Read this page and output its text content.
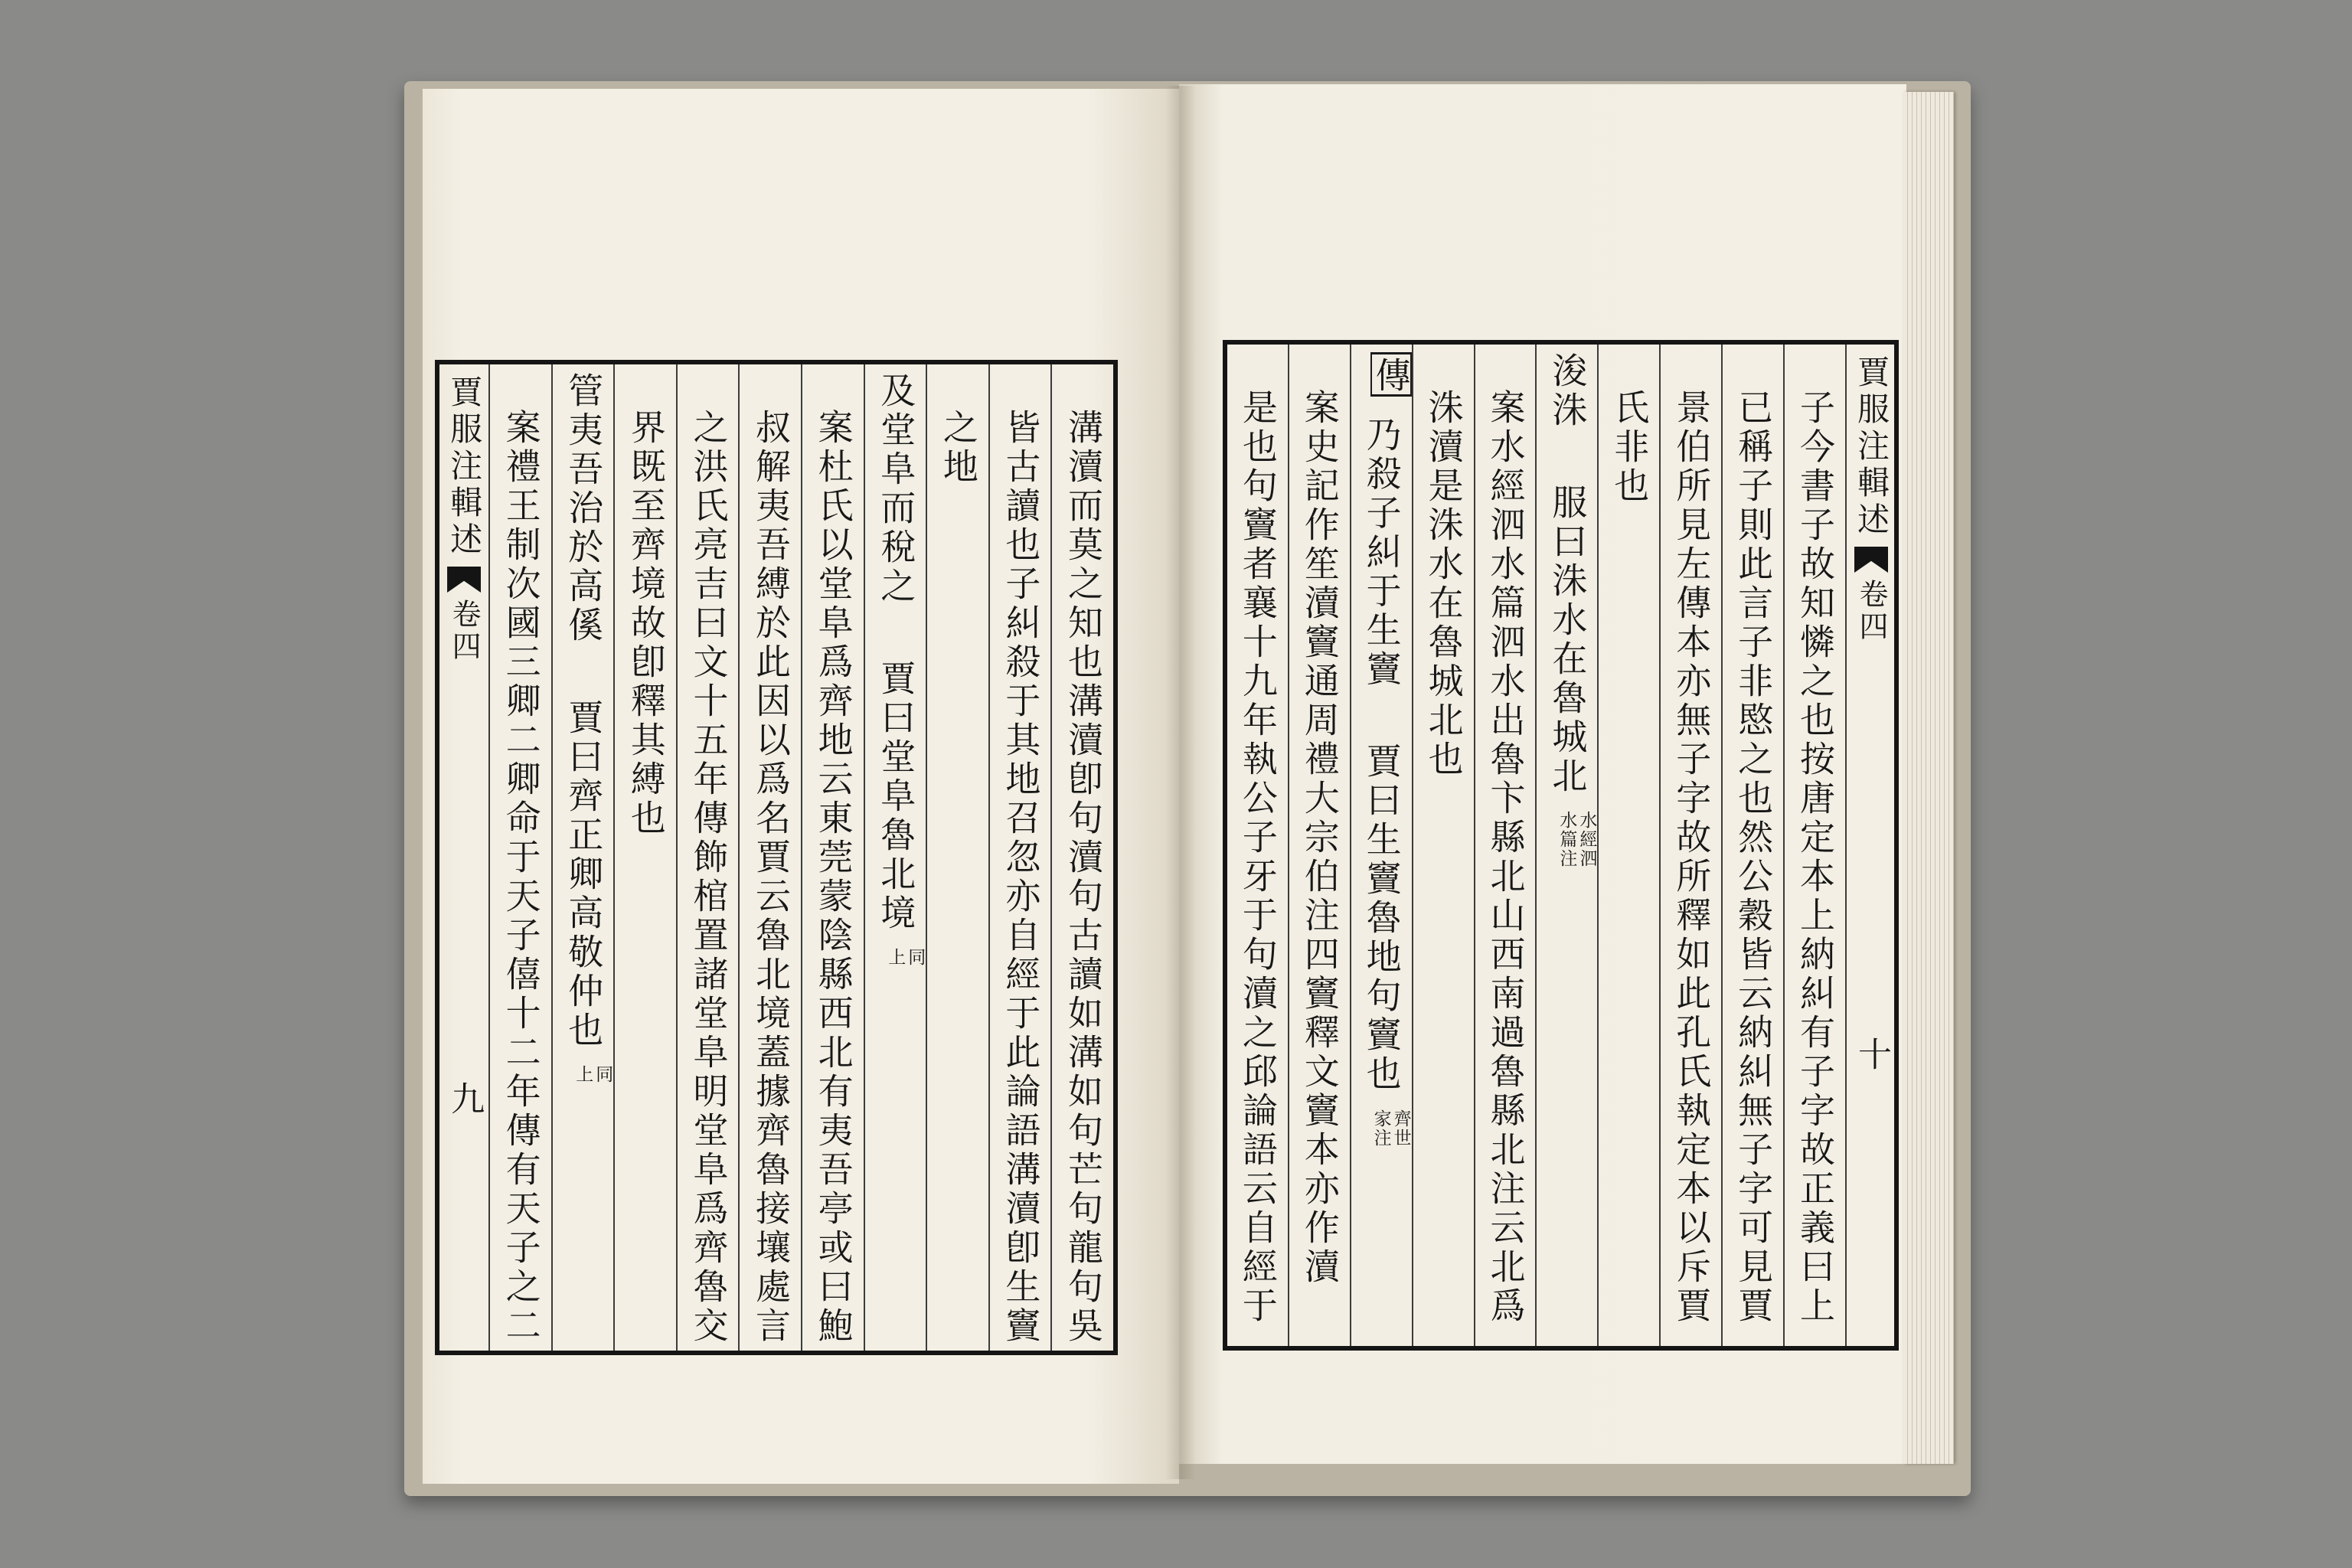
溝瀆而莫之知也溝瀆卽句瀆句古讀如溝如句芒句龍句吳
皆古讀也子糾殺于其地召忽亦自經于此論語溝瀆卽生竇
之地
及堂阜而稅之 賈曰堂阜魯北境 同上
案杜氏以堂阜爲齊地云東莞蒙陰縣西北有夷吾亭或曰鮑
叔解夷吾縛於此因以爲名賈云魯北境蓋據齊魯接壤處言
之洪氏亮吉曰文十五年傳飾棺置諸堂阜明堂阜爲齊魯交
界既至齊境故卽釋其縛也
管夷吾治於高傒 賈曰齊正卿高敬仲也 同上
案禮王制次國三卿二卿命于天子僖十二年傳有天子之二
賈服注輯述
卷四
九
賈服注輯述
卷四
十
子今書子故知憐之也按唐定本上納糾有子字故正義曰上
已稱子則此言子非愍之也然公穀皆云納糾無子字可見賈
景伯所見左傳本亦無子字故所釋如此孔氏執定本以斥賈
氏非也
浚洙 服曰洙水在魯城北 水經泗水篇注
案水經泗水篇泗水出魯卞縣北山西南過魯縣北注云北爲
洙瀆是洙水在魯城北也
傳 乃殺子糾于生竇 賈曰生竇魯地句竇也 齊世家注
案史記作笙瀆竇通周禮大宗伯注四竇釋文竇本亦作瀆
是也句竇者襄十九年執公子牙于句瀆之邱論語云自經于
